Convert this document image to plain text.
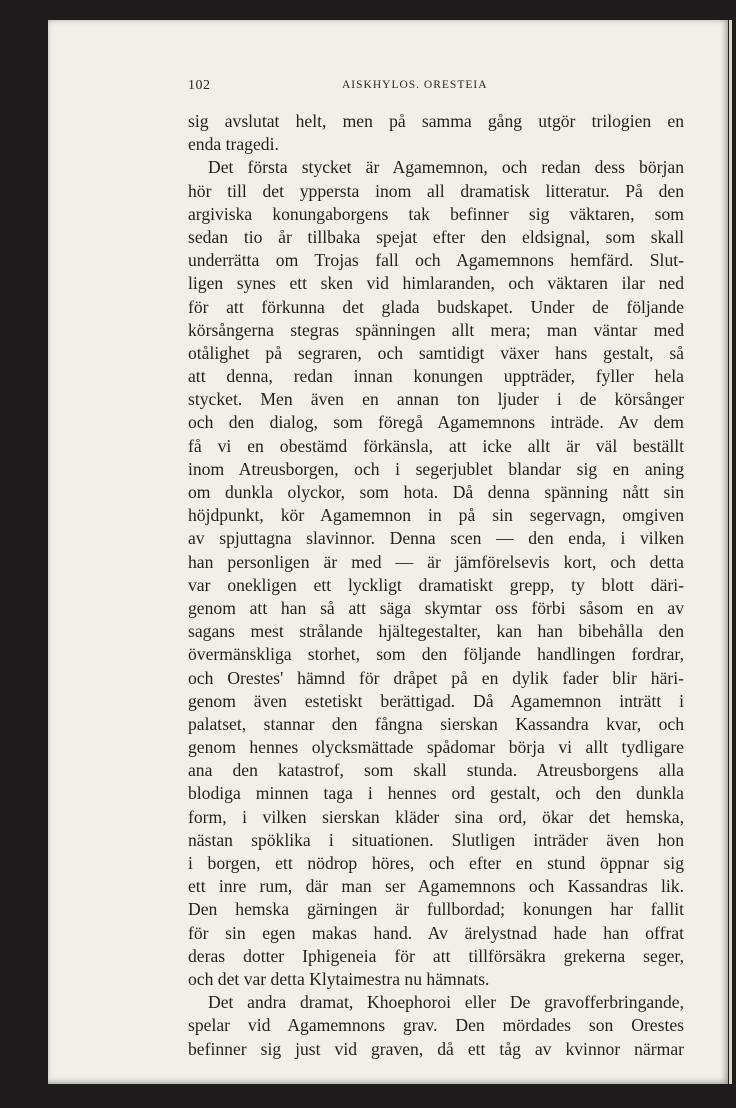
102	AISKHYLOS. ORESTEIA
sig avslutat helt, men på samma gång utgör trilogien en
enda tragedi.
Det första stycket är Agamemnon, och redan dess början
hör till det yppersta inom all dramatisk litteratur. På den
argiviska konungaborgens tak befinner sig väktaren, som
sedan tio år tillbaka spejat efter den eldsignal, som skall
underrätta om Trojas fall och Agamemnons hemfärd. Slut-
ligen synes ett sken vid himlaranden, och väktaren ilar ned
för att förkunna det glada budskapet. Under de följande
körsångerna stegras spänningen allt mera; man väntar med
otålighet på segraren, och samtidigt växer hans gestalt, så
att denna, redan innan konungen uppträder, fyller hela
stycket. Men även en annan ton ljuder i de körsånger
och den dialog, som föregå Agamemnons inträde. Av dem
få vi en obestämd förkänsla, att icke allt är väl beställt
inom Atreusborgen, och i segerjublet blandar sig en aning
om dunkla olyckor, som hota. Då denna spänning nått sin
höjdpunkt, kör Agamemnon in på sin segervagn, omgiven
av spjuttagna slavinnor. Denna scen — den enda, i vilken
han personligen är med — är jämförelsevis kort, och detta
var onekligen ett lyckligt dramatiskt grepp, ty blott däri-
genom att han så att säga skymtar oss förbi såsom en av
sagans mest strålande hjältegestalter, kan han bibehålla den
övermänskliga storhet, som den följande handlingen fordrar,
och Orestes' hämnd för dråpet på en dylik fader blir häri-
genom även estetiskt berättigad. Då Agamemnon inträtt i
palatset, stannar den fångna sierskan Kassandra kvar, och
genom hennes olycksmättade spådomar börja vi allt tydligare
ana den katastrof, som skall stunda. Atreusborgens alla
blodiga minnen taga i hennes ord gestalt, och den dunkla
form, i vilken sierskan kläder sina ord, ökar det hemska,
nästan spöklika i situationen. Slutligen inträder även hon
i borgen, ett nödrop höres, och efter en stund öppnar sig
ett inre rum, där man ser Agamemnons och Kassandras lik.
Den hemska gärningen är fullbordad; konungen har fallit
för sin egen makas hand. Av ärelystnad hade han offrat
deras dotter Iphigeneia för att tillförsäkra grekerna seger,
och det var detta Klytaimestra nu hämnats.
Det andra dramat, Khoephoroi eller De gravofferbringande,
spelar vid Agamemnons grav. Den mördades son Orestes
befinner sig just vid graven, då ett tåg av kvinnor närmar
